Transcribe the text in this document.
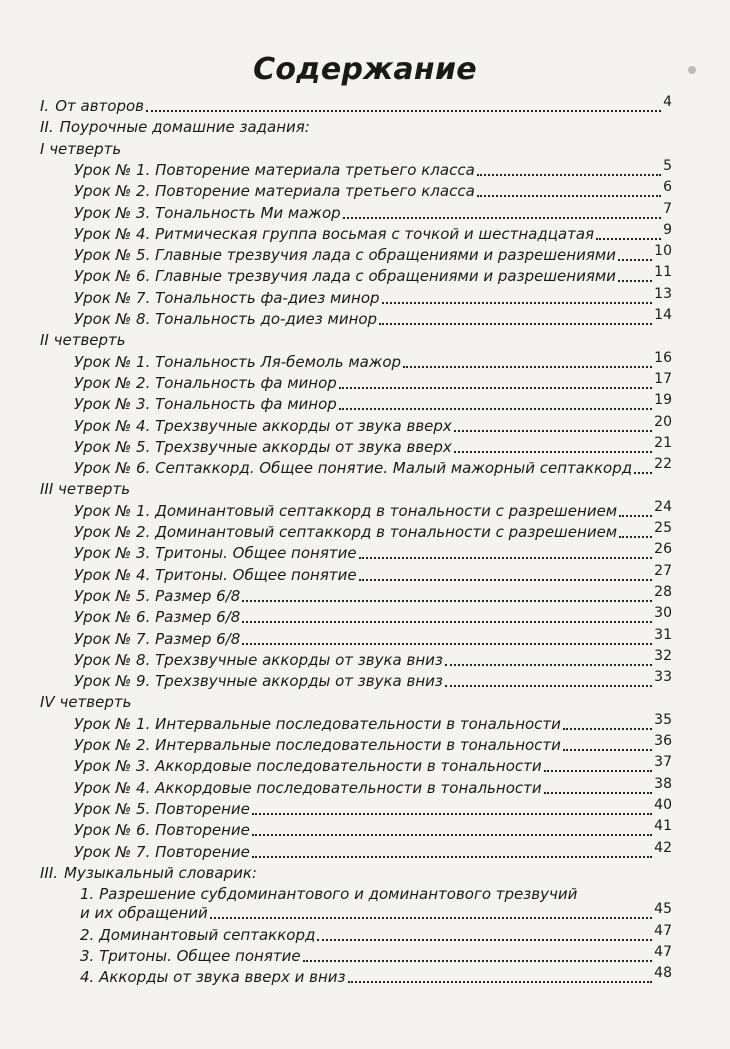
Содержание
I. От авторов	4
II. Поурочные домашние задания:
I четверть
Урок № 1. Повторение материала третьего класса	5
Урок № 2. Повторение материала третьего класса	6
Урок № 3. Тональность Ми мажор	7
Урок № 4. Ритмическая группа восьмая с точкой и шестнадцатая	9
Урок № 5. Главные трезвучия лада с обращениями и разрешениями	10
Урок № 6. Главные трезвучия лада с обращениями и разрешениями	11
Урок № 7. Тональность фа-диез минор	13
Урок № 8. Тональность до-диез минор	14
II четверть
Урок № 1. Тональность Ля-бемоль мажор	16
Урок № 2. Тональность фа минор	17
Урок № 3. Тональность фа минор	19
Урок № 4. Трехзвучные аккорды от звука вверх	20
Урок № 5. Трехзвучные аккорды от звука вверх	21
Урок № 6. Септаккорд. Общее понятие. Малый мажорный септаккорд 22
III четверть
Урок № 1. Доминантовый септаккорд в тональности с разрешением	24
Урок № 2. Доминантовый септаккорд в тональности с разрешением	25
Урок № 3. Тритоны. Общее понятие	26
Урок № 4. Тритоны. Общее понятие	27
Урок № 5. Размер 6/8	28
Урок № 6. Размер 6/8	30
Урок № 7. Размер 6/8	31
Урок № 8. Трехзвучные аккорды от звука вниз	32
Урок № 9. Трехзвучные аккорды от звука вниз	33
IV четверть
Урок № 1. Интервальные последовательности в тональности	35
Урок № 2. Интервальные последовательности в тональности	36
Урок № 3. Аккордовые последовательности в тональности	37
Урок № 4. Аккордовые последовательности в тональности	38
Урок № 5. Повторение	40
Урок № 6. Повторение	41
Урок № 7. Повторение	42
III. Музыкальный словарик:
1. Разрешение субдоминантового и доминантового трезвучий
и их обращений	45
2. Доминантовый септаккорд	47
3. Тритоны. Общее понятие	47
4. Аккорды от звука вверх и вниз	48
